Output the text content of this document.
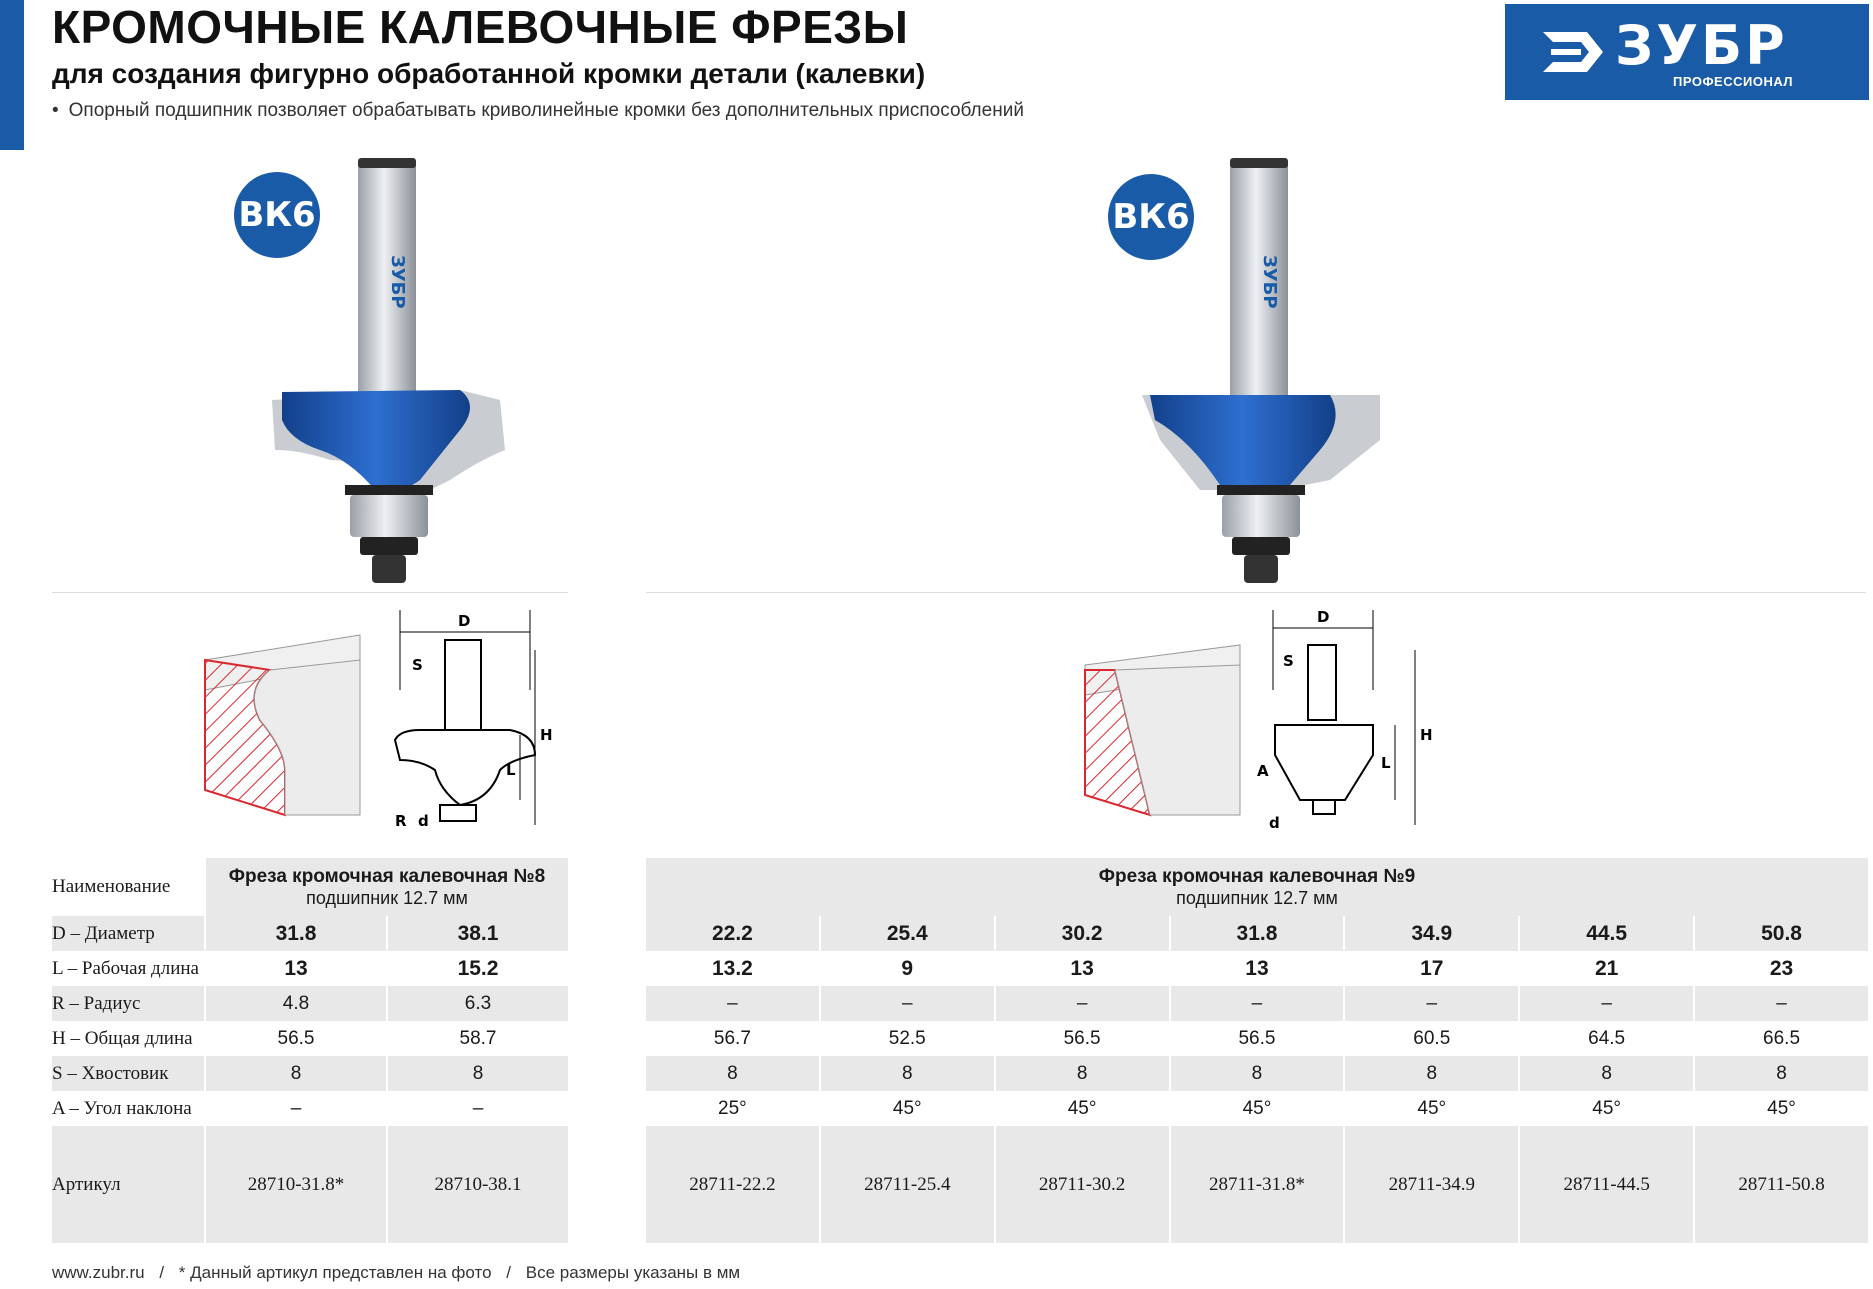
КРОМОЧНЫЕ КАЛЕВОЧНЫЕ ФРЕЗЫ
для создания фигурно обработанной кромки детали (калевки)
• Опорный подшипник позволяет обрабатывать криволинейные кромки без дополнительных приспособлений
ЗУБР
ПРОФЕССИОНАЛ
ВК6
ЗУБР
ВК6
ЗУБР
D
S
H
L
R d
D
S
H
L
A
d
Наименование	Фреза кромочная калевочная №8
подшипник 12.7 мм	

D – Диаметр	31.8	38.1
L – Рабочая длина	13	15.2
R – Радиус	4.8	6.3
H – Общая длина	56.5	58.7
S – Хвостовик	8	8
A – Угол наклона	–	–
Артикул	28710-31.8*	28710-38.1
Фреза кромочная калевочная №9
подшипник 12.7 мм						

22.2	25.4	30.2	31.8	34.9	44.5	50.8
13.2	9	13	13	17	21	23
–	–	–	–	–	–	–
56.7	52.5	56.5	56.5	60.5	64.5	66.5
8	8	8	8	8	8	8
25°	45°	45°	45°	45°	45°	45°
28711-22.2	28711-25.4	28711-30.2	28711-31.8*	28711-34.9	28711-44.5	28711-50.8
www.zubr.ru / * Данный артикул представлен на фото / Все размеры указаны в мм
